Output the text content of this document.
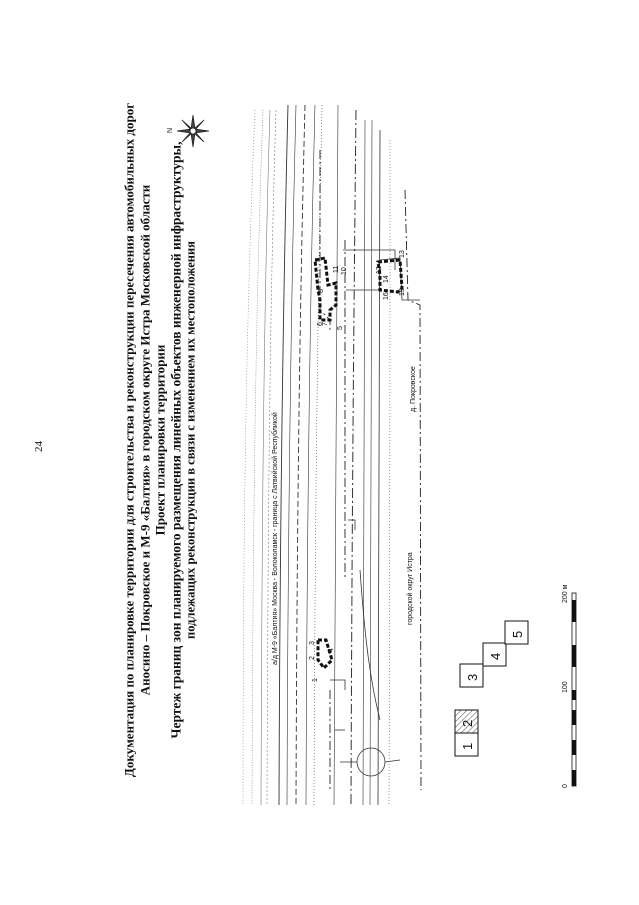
24	Документация по планировке территории для строительства и реконструкции пересечения автомобильных дорог Аносино – Покровское и М-9 «Балтия» в городском округе Истра Московской области Проект планировки территории Чертеж границ зон планируемого размещения линейных объектов инженерной инфраструктуры, подлежащих реконструкции в связи с изменением их местоположения
N
1
2
3
4
5
6
7
8
9
10
11	12
13
14
15
16
а/д М-9 «Балтия» Москва - Волоколамск - граница с Латвийской Республикой	городской округ Истра
д. Покровское
1
2
3
4
5
0
100
200 м
